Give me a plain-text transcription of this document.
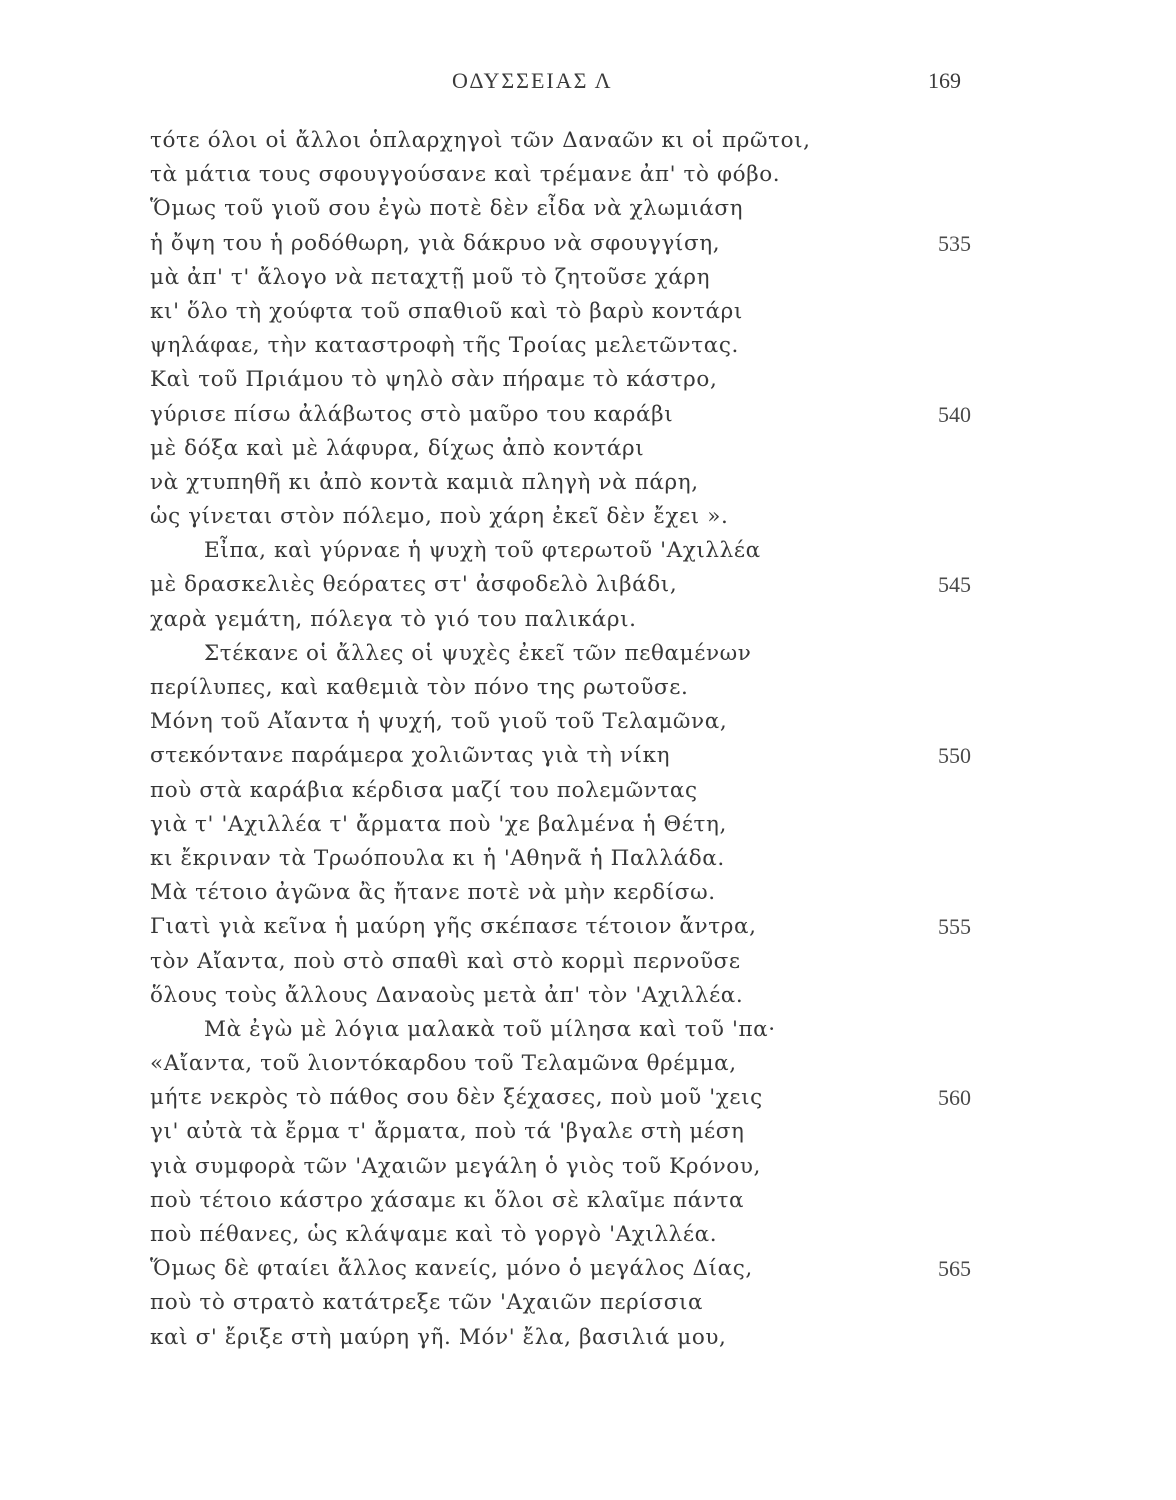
ΟΔΥΣΣΕΙΑΣ Λ	169
τότε όλοι οἱ ἄλλοι ὁπλαρχηγοὶ τῶν Δαναῶν κι οἱ πρῶτοι,
τὰ μάτια τους σφουγγούσανε καὶ τρέμανε ἀπ' τὸ φόβο.
Ὅμως τοῦ γιοῦ σου ἐγὼ ποτὲ δὲν εἶδα νὰ χλωμιάση
ἡ ὄψη του ἡ ροδόθωρη, γιὰ δάκρυο νὰ σφουγγίση,	535
μὰ ἀπ' τ' ἄλογο νὰ πεταχτῇ μοῦ τὸ ζητοῦσε χάρη
κι' ὅλο τὴ χούφτα τοῦ σπαθιοῦ καὶ τὸ βαρὺ κοντάρι
ψηλάφαε, τὴν καταστροφὴ τῆς Τροίας μελετῶντας.
Καὶ τοῦ Πριάμου τὸ ψηλὸ σὰν πήραμε τὸ κάστρο,
γύρισε πίσω ἀλάβωτος στὸ μαῦρο του καράβι	540
μὲ δόξα καὶ μὲ λάφυρα, δίχως ἀπὸ κοντάρι
νὰ χτυπηθῆ κι ἀπὸ κοντὰ καμιὰ πληγὴ νὰ πάρη,
ὡς γίνεται στὸν πόλεμο, ποὺ χάρη ἐκεῖ δὲν ἔχει ».
Εἶπα, καὶ γύρναε ἡ ψυχὴ τοῦ φτερωτοῦ 'Αχιλλέα
μὲ δρασκελιὲς θεόρατες στ' ἀσφοδελὸ λιβάδι,	545
χαρὰ γεμάτη, πόλεγα τὸ γιό του παλικάρι.
Στέκανε οἱ ἄλλες οἱ ψυχὲς ἐκεῖ τῶν πεθαμένων
περίλυπες, καὶ καθεμιὰ τὸν πόνο της ρωτοῦσε.
Μόνη τοῦ Αἴαντα ἡ ψυχή, τοῦ γιοῦ τοῦ Τελαμῶνα,
στεκόντανε παράμερα χολιῶντας γιὰ τὴ νίκη	550
ποὺ στὰ καράβια κέρδισα μαζί του πολεμῶντας
γιὰ τ' 'Αχιλλέα τ' ἄρματα ποὺ 'χε βαλμένα ἡ Θέτη,
κι ἔκριναν τὰ Τρωόπουλα κι ἡ 'Αθηνᾶ ἡ Παλλάδα.
Μὰ τέτοιο ἀγῶνα ἂς ἤτανε ποτὲ νὰ μὴν κερδίσω.
Γιατὶ γιὰ κεῖνα ἡ μαύρη γῆς σκέπασε τέτοιον ἄντρα,	555
τὸν Αἴαντα, ποὺ στὸ σπαθὶ καὶ στὸ κορμὶ περνοῦσε
ὅλους τοὺς ἄλλους Δαναοὺς μετὰ ἀπ' τὸν 'Αχιλλέα.
Μὰ ἐγὼ μὲ λόγια μαλακὰ τοῦ μίλησα καὶ τοῦ 'πα·
«Αἴαντα, τοῦ λιοντόκαρδου τοῦ Τελαμῶνα θρέμμα,
μήτε νεκρὸς τὸ πάθος σου δὲν ξέχασες, ποὺ μοῦ 'χεις	560
γι' αὐτὰ τὰ ἔρμα τ' ἄρματα, ποὺ τά 'βγαλε στὴ μέση
γιὰ συμφορὰ τῶν 'Αχαιῶν μεγάλη ὁ γιὸς τοῦ Κρόνου,
ποὺ τέτοιο κάστρο χάσαμε κι ὅλοι σὲ κλαῖμε πάντα
ποὺ πέθανες, ὡς κλάψαμε καὶ τὸ γοργὸ 'Αχιλλέα.
Ὅμως δὲ φταίει ἄλλος κανείς, μόνο ὁ μεγάλος Δίας,	565
ποὺ τὸ στρατὸ κατάτρεξε τῶν 'Αχαιῶν περίσσια
καὶ σ' ἔριξε στὴ μαύρη γῆ. Μόν' ἔλα, βασιλιά μου,
